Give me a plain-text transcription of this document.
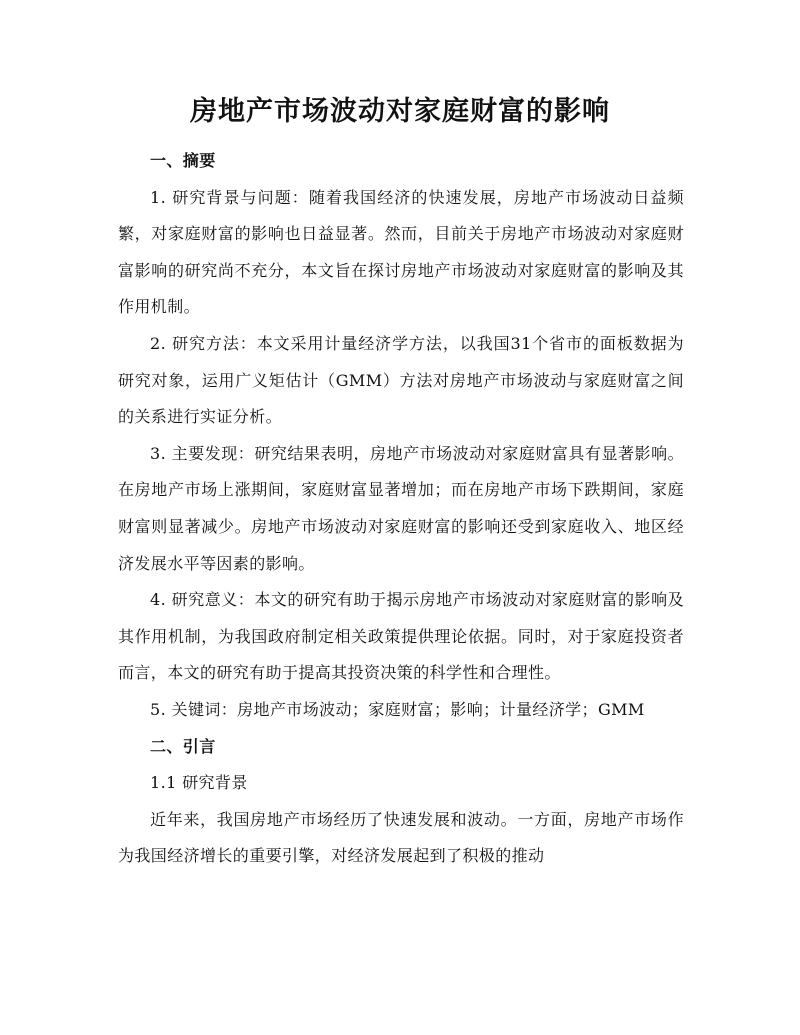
房地产市场波动对家庭财富的影响

一、摘要

1. 研究背景与问题：随着我国经济的快速发展，房地产市场波动日益频繁，对家庭财富的影响也日益显著。然而，目前关于房地产市场波动对家庭财富影响的研究尚不充分，本文旨在探讨房地产市场波动对家庭财富的影响及其作用机制。

2. 研究方法：本文采用计量经济学方法，以我国31个省市的面板数据为研究对象，运用广义矩估计（GMM）方法对房地产市场波动与家庭财富之间的关系进行实证分析。

3. 主要发现：研究结果表明，房地产市场波动对家庭财富具有显著影响。在房地产市场上涨期间，家庭财富显著增加；而在房地产市场下跌期间，家庭财富则显著减少。房地产市场波动对家庭财富的影响还受到家庭收入、地区经济发展水平等因素的影响。

4. 研究意义：本文的研究有助于揭示房地产市场波动对家庭财富的影响及其作用机制，为我国政府制定相关政策提供理论依据。同时，对于家庭投资者而言，本文的研究有助于提高其投资决策的科学性和合理性。

5. 关键词：房地产市场波动；家庭财富；影响；计量经济学；GMM

二、引言

1.1 研究背景

近年来，我国房地产市场经历了快速发展和波动。一方面，房地产市场作为我国经济增长的重要引擎，对经济发展起到了积极的推动
